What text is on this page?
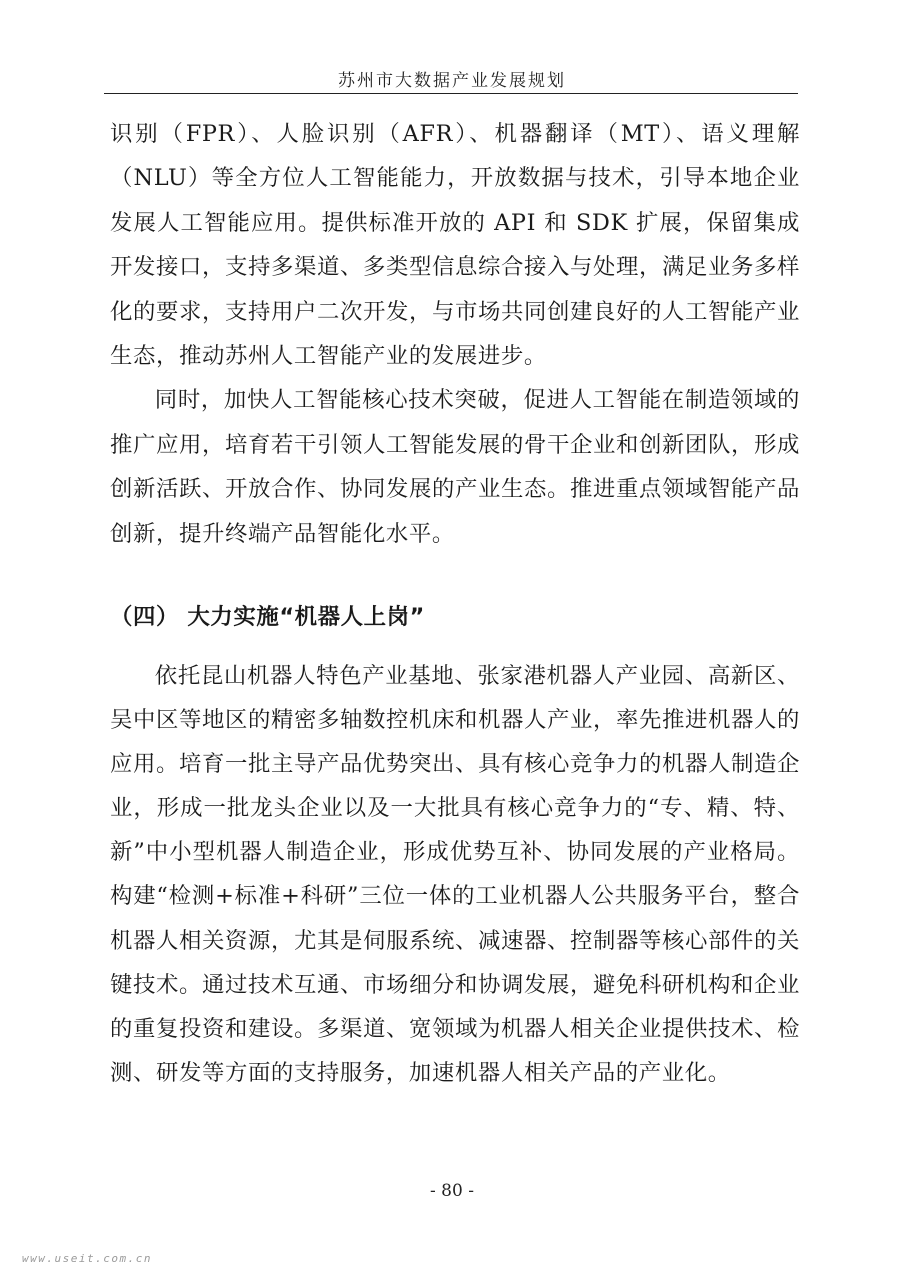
苏州市大数据产业发展规划

识别（FPR）、人脸识别（AFR）、机器翻译（MT）、语义理解（NLU）等全方位人工智能能力，开放数据与技术，引导本地企业发展人工智能应用。提供标准开放的 API 和 SDK 扩展，保留集成开发接口，支持多渠道、多类型信息综合接入与处理，满足业务多样化的要求，支持用户二次开发，与市场共同创建良好的人工智能产业生态，推动苏州人工智能产业的发展进步。

同时，加快人工智能核心技术突破，促进人工智能在制造领域的推广应用，培育若干引领人工智能发展的骨干企业和创新团队，形成创新活跃、开放合作、协同发展的产业生态。推进重点领域智能产品创新，提升终端产品智能化水平。

（四） 大力实施“机器人上岗”

依托昆山机器人特色产业基地、张家港机器人产业园、高新区、吴中区等地区的精密多轴数控机床和机器人产业，率先推进机器人的应用。培育一批主导产品优势突出、具有核心竞争力的机器人制造企业，形成一批龙头企业以及一大批具有核心竞争力的“专、精、特、新”中小型机器人制造企业，形成优势互补、协同发展的产业格局。构建“检测+标准+科研”三位一体的工业机器人公共服务平台，整合机器人相关资源，尤其是伺服系统、减速器、控制器等核心部件的关键技术。通过技术互通、市场细分和协调发展，避免科研机构和企业的重复投资和建设。多渠道、宽领域为机器人相关企业提供技术、检测、研发等方面的支持服务，加速机器人相关产品的产业化。

- 80 -
www.useit.com.cn
